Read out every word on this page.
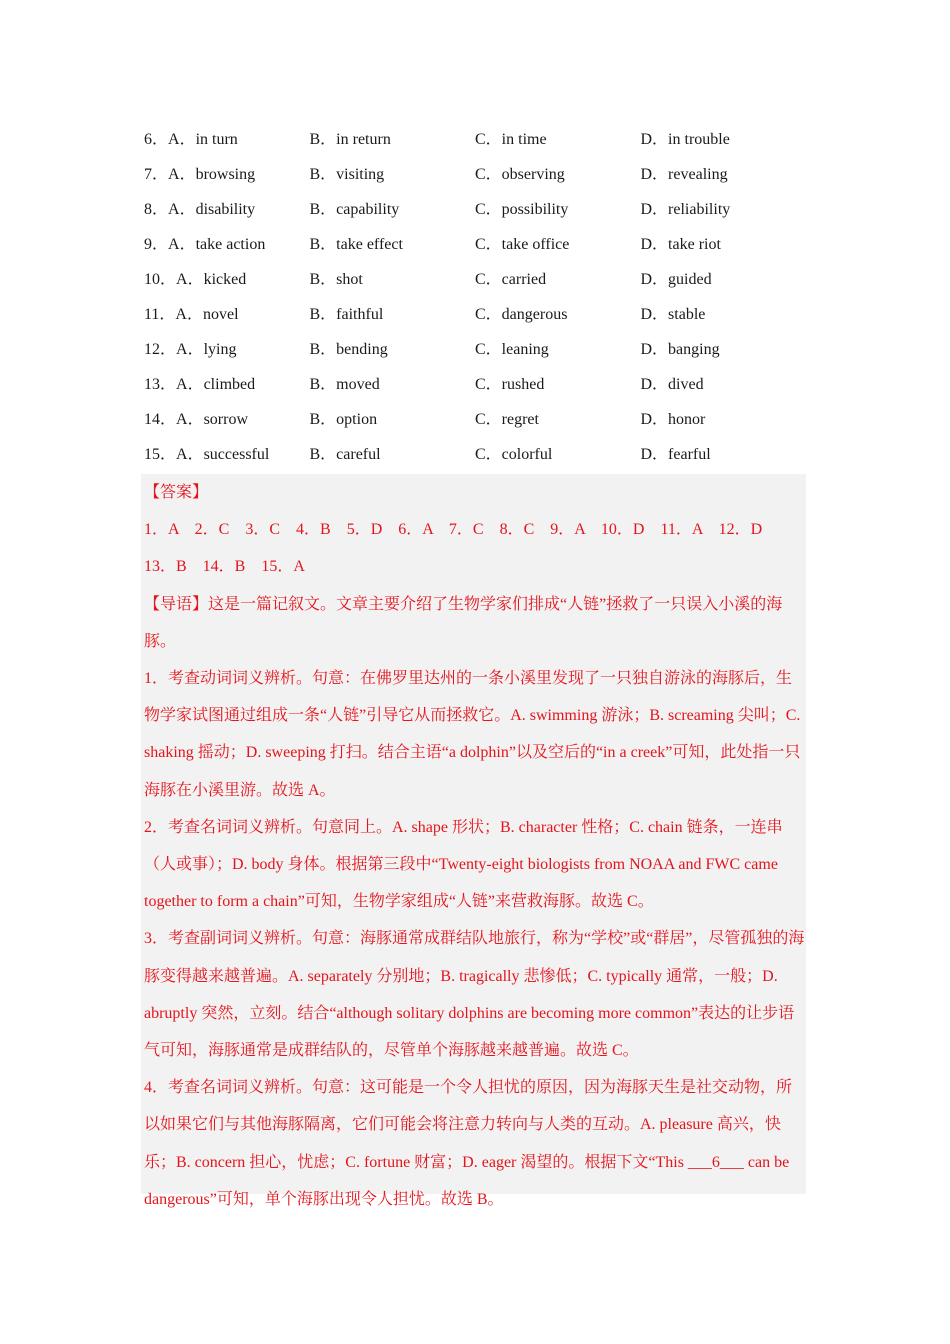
6．A．in turn	B．in return	C．in time	D．in trouble
7．A．browsing	B．visiting	C．observing	D．revealing
8．A．disability	B．capability	C．possibility	D．reliability
9．A．take action	B．take effect	C．take office	D．take riot
10．A．kicked	B．shot	C．carried	D．guided
11．A．novel	B．faithful	C．dangerous	D．stable
12．A．lying	B．bending	C．leaning	D．banging
13．A．climbed	B．moved	C．rushed	D．dived
14．A．sorrow	B．option	C．regret	D．honor
15．A．successful	B．careful	C．colorful	D．fearful

【答案】

1．A　2．C　3．C　4．B　5．D　6．A　7．C　8．C　9．A　10．D　11．A　12．D

13．B　14．B　15．A

【导语】这是一篇记叙文。文章主要介绍了生物学家们排成“人链”拯救了一只误入小溪的海豚。

1．考查动词词义辨析。句意：在佛罗里达州的一条小溪里发现了一只独自游泳的海豚后，生物学家试图通过组成一条“人链”引导它从而拯救它。A. swimming 游泳；B. screaming 尖叫；C. shaking 摇动；D. sweeping 打扫。结合主语“a dolphin”以及空后的“in a creek”可知，此处指一只海豚在小溪里游。故选 A。

2．考查名词词义辨析。句意同上。A. shape 形状；B. character 性格；C. chain 链条，一连串（人或事）；D. body 身体。根据第三段中“Twenty-eight biologists from NOAA and FWC came together to form a chain”可知，生物学家组成“人链”来营救海豚。故选 C。

3．考查副词词义辨析。句意：海豚通常成群结队地旅行，称为“学校”或“群居”，尽管孤独的海豚变得越来越普遍。A. separately 分别地；B. tragically 悲惨低；C. typically 通常，一般；D. abruptly 突然，立刻。结合“although solitary dolphins are becoming more common”表达的让步语气可知，海豚通常是成群结队的，尽管单个海豚越来越普遍。故选 C。

4．考查名词词义辨析。句意：这可能是一个令人担忧的原因，因为海豚天生是社交动物，所以如果它们与其他海豚隔离，它们可能会将注意力转向与人类的互动。A. pleasure 高兴，快乐；B. concern 担心，忧虑；C. fortune 财富；D. eager 渴望的。根据下文“This ___6___ can be dangerous”可知，单个海豚出现令人担忧。故选 B。
